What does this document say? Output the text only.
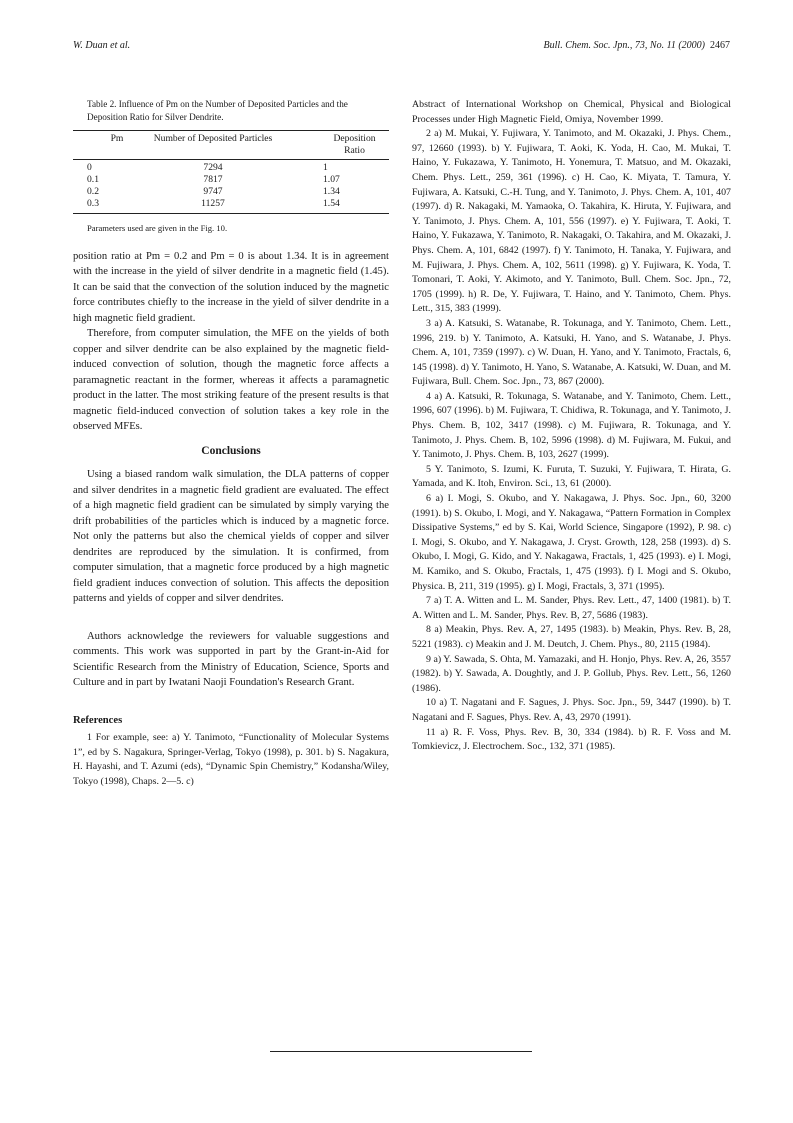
W. Duan et al.	Bull. Chem. Soc. Jpn., 73, No. 11 (2000) 2467
Table 2. Influence of Pm on the Number of Deposited Particles and the Deposition Ratio for Silver Dendrite.
Pm	Number of Deposited Particles	Deposition Ratio
0	7294	1
0.1	7817	1.07
0.2	9747	1.34
0.3	11257	1.54
Parameters used are given in the Fig. 10.

position ratio at Pm = 0.2 and Pm = 0 is about 1.34. It is in agreement with the increase in the yield of silver dendrite in a magnetic field (1.45). It can be said that the convection of the solution induced by the magnetic force contributes chiefly to the increase in the yield of silver dendrite in a high magnetic field gradient.

Therefore, from computer simulation, the MFE on the yields of both copper and silver dendrite can be also explained by the magnetic field-induced convection of solution, though the magnetic force affects a paramagnetic reactant in the former, whereas it affects a paramagnetic product in the latter. The most striking feature of the present results is that magnetic field-induced convection of solution takes a key role in the observed MFEs.

Conclusions

Using a biased random walk simulation, the DLA patterns of copper and silver dendrites in a magnetic field gradient are evaluated. The effect of a high magnetic field gradient can be simulated by simply varying the drift probabilities of the particles which is induced by a magnetic force. Not only the patterns but also the chemical yields of copper and silver dendrites are reproduced by the simulation. It is confirmed, from computer simulation, that a magnetic force produced by a high magnetic field gradient induces convection of solution. This affects the deposition patterns and yields of copper and silver dendrites.

Authors acknowledge the reviewers for valuable suggestions and comments. This work was supported in part by the Grant-in-Aid for Scientific Research from the Ministry of Education, Science, Sports and Culture and in part by Iwatani Naoji Foundation's Research Grant.

References

1 For example, see: a) Y. Tanimoto, “Functionality of Molecular Systems 1”, ed by S. Nagakura, Springer-Verlag, Tokyo (1998), p. 301. b) S. Nagakura, H. Hayashi, and T. Azumi (eds), “Dynamic Spin Chemistry,” Kodansha/Wiley, Tokyo (1998), Chaps. 2—5. c)

Abstract of International Workshop on Chemical, Physical and Biological Processes under High Magnetic Field, Omiya, November 1999.

2 a) M. Mukai, Y. Fujiwara, Y. Tanimoto, and M. Okazaki, J. Phys. Chem., 97, 12660 (1993). b) Y. Fujiwara, T. Aoki, K. Yoda, H. Cao, M. Mukai, T. Haino, Y. Fukazawa, Y. Tanimoto, H. Yonemura, T. Matsuo, and M. Okazaki, Chem. Phys. Lett., 259, 361 (1996). c) H. Cao, K. Miyata, T. Tamura, Y. Fujiwara, A. Katsuki, C.-H. Tung, and Y. Tanimoto, J. Phys. Chem. A, 101, 407 (1997). d) R. Nakagaki, M. Yamaoka, O. Takahira, K. Hiruta, Y. Fujiwara, and Y. Tanimoto, J. Phys. Chem. A, 101, 556 (1997). e) Y. Fujiwara, T. Aoki, T. Haino, Y. Fukazawa, Y. Tanimoto, R. Nakagaki, O. Takahira, and M. Okazaki, J. Phys. Chem. A, 101, 6842 (1997). f) Y. Tanimoto, H. Tanaka, Y. Fujiwara, and M. Fujiwara, J. Phys. Chem. A, 102, 5611 (1998). g) Y. Fujiwara, K. Yoda, T. Tomonari, T. Aoki, Y. Akimoto, and Y. Tanimoto, Bull. Chem. Soc. Jpn., 72, 1705 (1999). h) R. De, Y. Fujiwara, T. Haino, and Y. Tanimoto, Chem. Phys. Lett., 315, 383 (1999).

3 a) A. Katsuki, S. Watanabe, R. Tokunaga, and Y. Tanimoto, Chem. Lett., 1996, 219. b) Y. Tanimoto, A. Katsuki, H. Yano, and S. Watanabe, J. Phys. Chem. A, 101, 7359 (1997). c) W. Duan, H. Yano, and Y. Tanimoto, Fractals, 6, 145 (1998). d) Y. Tanimoto, H. Yano, S. Watanabe, A. Katsuki, W. Duan, and M. Fujiwara, Bull. Chem. Soc. Jpn., 73, 867 (2000).

4 a) A. Katsuki, R. Tokunaga, S. Watanabe, and Y. Tanimoto, Chem. Lett., 1996, 607 (1996). b) M. Fujiwara, T. Chidiwa, R. Tokunaga, and Y. Tanimoto, J. Phys. Chem. B, 102, 3417 (1998). c) M. Fujiwara, R. Tokunaga, and Y. Tanimoto, J. Phys. Chem. B, 102, 5996 (1998). d) M. Fujiwara, M. Fukui, and Y. Tanimoto, J. Phys. Chem. B, 103, 2627 (1999).

5 Y. Tanimoto, S. Izumi, K. Furuta, T. Suzuki, Y. Fujiwara, T. Hirata, G. Yamada, and K. Itoh, Environ. Sci., 13, 61 (2000).

6 a) I. Mogi, S. Okubo, and Y. Nakagawa, J. Phys. Soc. Jpn., 60, 3200 (1991). b) S. Okubo, I. Mogi, and Y. Nakagawa, “Pattern Formation in Complex Dissipative Systems,” ed by S. Kai, World Science, Singapore (1992), P. 98. c) I. Mogi, S. Okubo, and Y. Nakagawa, J. Cryst. Growth, 128, 258 (1993). d) S. Okubo, I. Mogi, G. Kido, and Y. Nakagawa, Fractals, 1, 425 (1993). e) I. Mogi, M. Kamiko, and S. Okubo, Fractals, 1, 475 (1993). f) I. Mogi and S. Okubo, Physica. B, 211, 319 (1995). g) I. Mogi, Fractals, 3, 371 (1995).

7 a) T. A. Witten and L. M. Sander, Phys. Rev. Lett., 47, 1400 (1981). b) T. A. Witten and L. M. Sander, Phys. Rev. B, 27, 5686 (1983).

8 a) Meakin, Phys. Rev. A, 27, 1495 (1983). b) Meakin, Phys. Rev. B, 28, 5221 (1983). c) Meakin and J. M. Deutch, J. Chem. Phys., 80, 2115 (1984).

9 a) Y. Sawada, S. Ohta, M. Yamazaki, and H. Honjo, Phys. Rev. A, 26, 3557 (1982). b) Y. Sawada, A. Doughtly, and J. P. Gollub, Phys. Rev. Lett., 56, 1260 (1986).

10 a) T. Nagatani and F. Sagues, J. Phys. Soc. Jpn., 59, 3447 (1990). b) T. Nagatani and F. Sagues, Phys. Rev. A, 43, 2970 (1991).

11 a) R. F. Voss, Phys. Rev. B, 30, 334 (1984). b) R. F. Voss and M. Tomkievicz, J. Electrochem. Soc., 132, 371 (1985).
